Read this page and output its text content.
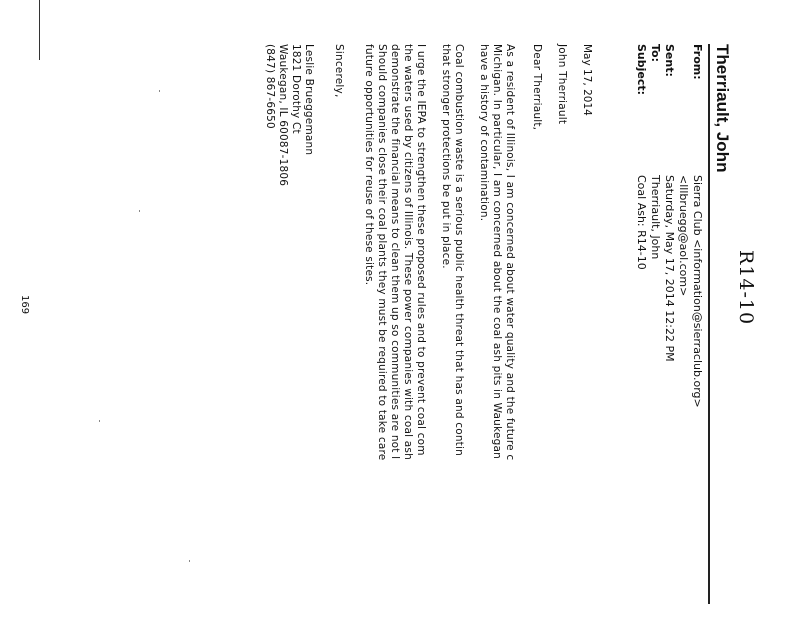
R14-10
Therriault, John
From:
Sierra Club <information@sierraclub.org>
<lllbruegg@aol.com>
Sent:
Saturday, May 17, 2014 12:22 PM
To:
Therriault, John
Subject:
Coal Ash: R14-10
May 17, 2014
John Therriault
Dear Therriault,
As a resident of Illinois, I am concerned about water quality and the future c
Michigan. In particular, I am concerned about the coal ash pits in Waukegan
have a history of contamination.
Coal combustion waste is a serious public health threat that has and contin
that stronger protections be put in place.
I urge the IEPA to strengthen these proposed rules and to prevent coal com
the waters used by citizens of Illinois. These power companies with coal ash
demonstrate the financial means to clean them up so communities are not l
Should companies close their coal plants they must be required to take care
future opportunities for reuse of these sites.
Sincerely,
Leslie Brueggemann
1821 Dorothy Ct
Waukegan, IL 60087-1806
(847) 867-6650
169
